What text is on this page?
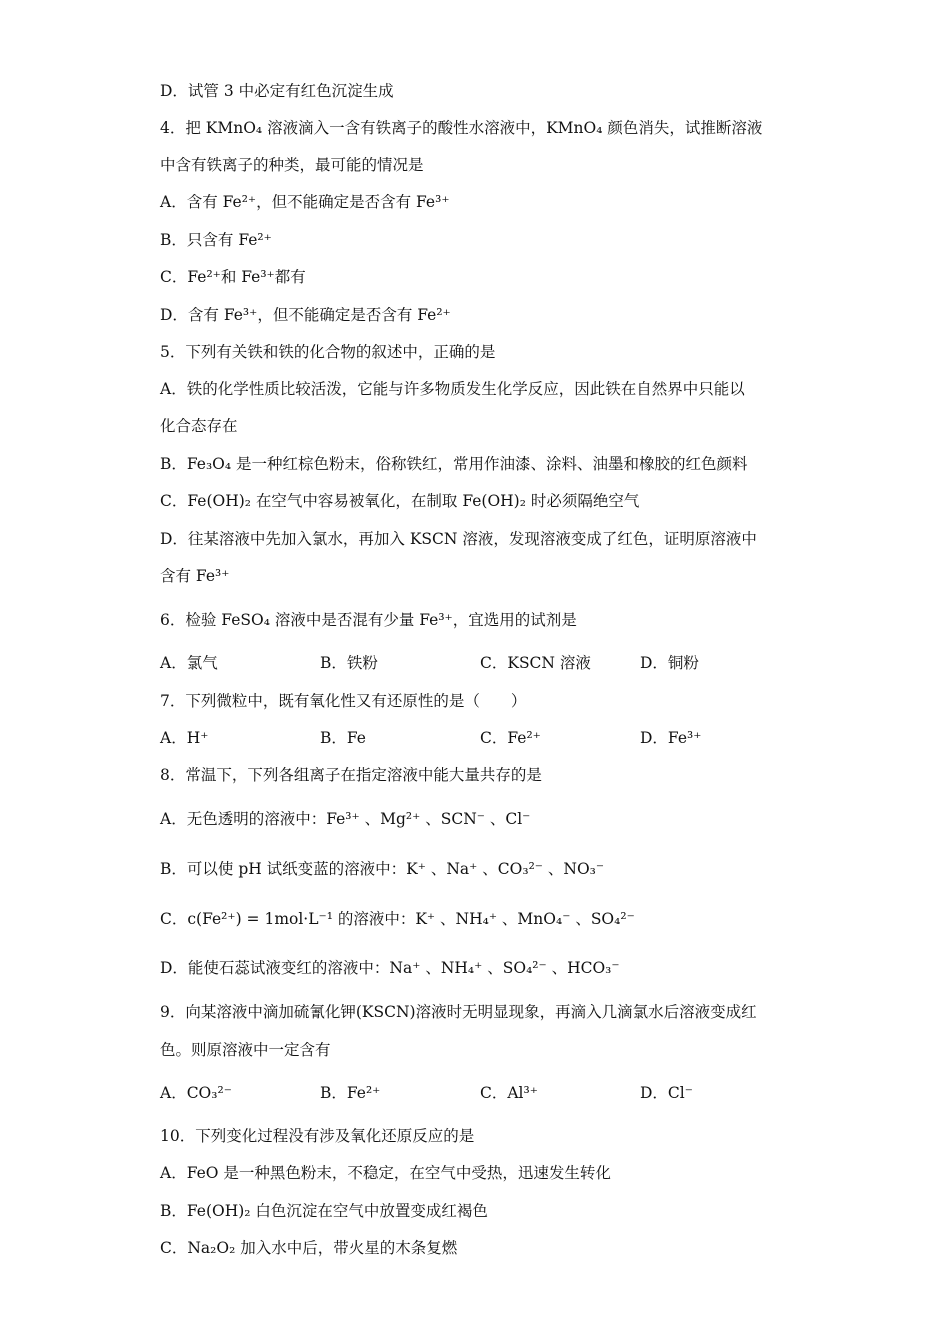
D．试管 3 中必定有红色沉淀生成
4．把 KMnO₄ 溶液滴入一含有铁离子的酸性水溶液中，KMnO₄ 颜色消失，试推断溶液
中含有铁离子的种类，最可能的情况是
A．含有 Fe²⁺，但不能确定是否含有 Fe³⁺
B．只含有 Fe²⁺
C．Fe²⁺和 Fe³⁺都有
D．含有 Fe³⁺，但不能确定是否含有 Fe²⁺
5．下列有关铁和铁的化合物的叙述中，正确的是
A．铁的化学性质比较活泼，它能与许多物质发生化学反应，因此铁在自然界中只能以
化合态存在
B．Fe₃O₄ 是一种红棕色粉末，俗称铁红，常用作油漆、涂料、油墨和橡胶的红色颜料
C．Fe(OH)₂ 在空气中容易被氧化，在制取 Fe(OH)₂ 时必须隔绝空气
D．往某溶液中先加入氯水，再加入 KSCN 溶液，发现溶液变成了红色，证明原溶液中
含有 Fe³⁺
6．检验 FeSO₄ 溶液中是否混有少量 Fe³⁺，宜选用的试剂是
A．氯气	B．铁粉	C．KSCN 溶液	D．铜粉
7．下列微粒中，既有氧化性又有还原性的是（　　）
A．H⁺	B．Fe	C．Fe²⁺	D．Fe³⁺
8．常温下，下列各组离子在指定溶液中能大量共存的是
A．无色透明的溶液中：Fe³⁺ 、Mg²⁺ 、SCN⁻ 、Cl⁻
B．可以使 pH 试纸变蓝的溶液中：K⁺ 、Na⁺ 、CO₃²⁻ 、NO₃⁻
C．c(Fe²⁺) = 1mol·L⁻¹ 的溶液中：K⁺ 、NH₄⁺ 、MnO₄⁻ 、SO₄²⁻
D．能使石蕊试液变红的溶液中：Na⁺ 、NH₄⁺ 、SO₄²⁻ 、HCO₃⁻
9．向某溶液中滴加硫氰化钾(KSCN)溶液时无明显现象，再滴入几滴氯水后溶液变成红
色。则原溶液中一定含有
A．CO₃²⁻	B．Fe²⁺	C．Al³⁺	D．Cl⁻
10．下列变化过程没有涉及氧化还原反应的是
A．FeO 是一种黑色粉末，不稳定，在空气中受热，迅速发生转化
B．Fe(OH)₂ 白色沉淀在空气中放置变成红褐色
C．Na₂O₂ 加入水中后，带火星的木条复燃
